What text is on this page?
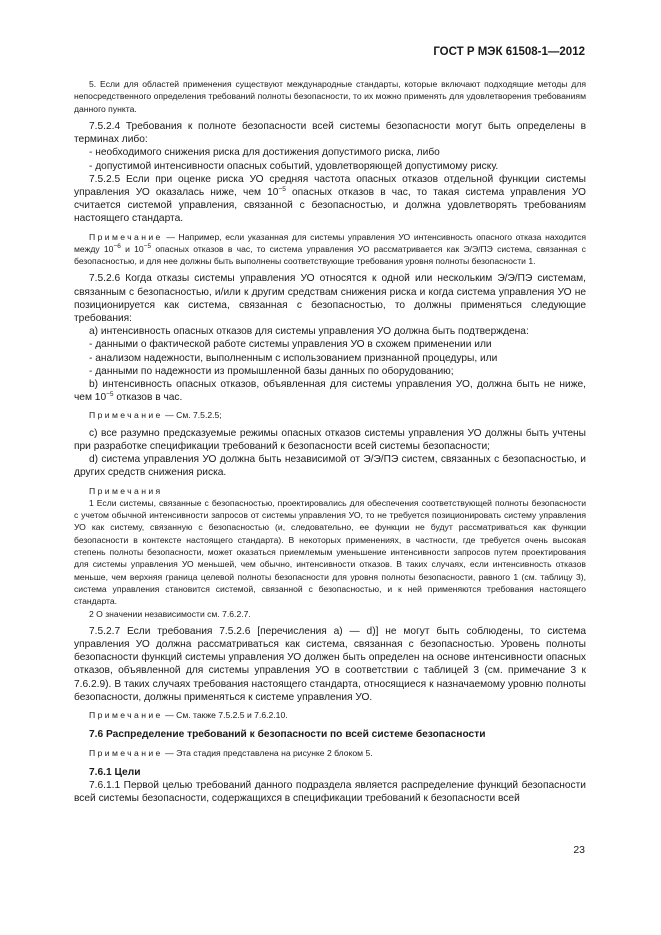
ГОСТ Р МЭК 61508-1—2012

5. Если для областей применения существуют международные стандарты, которые включают подходящие методы для непосредственного определения требований полноты безопасности, то их можно применять для удовлетворения требованиям данного пункта.

7.5.2.4 Требования к полноте безопасности всей системы безопасности могут быть определены в терминах либо:

- необходимого снижения риска для достижения допустимого риска, либо

- допустимой интенсивности опасных событий, удовлетворяющей допустимому риску.

7.5.2.5 Если при оценке риска УО средняя частота опасных отказов отдельной функции системы управления УО оказалась ниже, чем $10^{-5}$ опасных отказов в час, то такая система управления УО считается системой управления, связанной с безопасностью, и должна удовлетворять требованиям настоящего стандарта.

Примечание — Например, если указанная для системы управления УО интенсивность опасного отказа находится между $10^{-6}$ и $10^{-5}$ опасных отказов в час, то система управления УО рассматривается как Э/Э/ПЭ система, связанная с безопасностью, и для нее должны быть выполнены соответствующие требования уровня полноты безопасности 1.

7.5.2.6 Когда отказы системы управления УО относятся к одной или нескольким Э/Э/ПЭ системам, связанным с безопасностью, и/или к другим средствам снижения риска и когда система управления УО не позиционируется как система, связанная с безопасностью, то должны применяться следующие требования:

а) интенсивность опасных отказов для системы управления УО должна быть подтверждена:

- данными о фактической работе системы управления УО в схожем применении или

- анализом надежности, выполненным с использованием признанной процедуры, или

- данными по надежности из промышленной базы данных по оборудованию;

b) интенсивность опасных отказов, объявленная для системы управления УО, должна быть не ниже, чем $10^{-5}$ отказов в час.

Примечание — См. 7.5.2.5;

с) все разумно предсказуемые режимы опасных отказов системы управления УО должны быть учтены при разработке спецификации требований к безопасности всей системы безопасности;

d) система управления УО должна быть независимой от Э/Э/ПЭ систем, связанных с безопасностью, и других средств снижения риска.

Примечания

1 Если системы, связанные с безопасностью, проектировались для обеспечения соответствующей полноты безопасности с учетом обычной интенсивности запросов от системы управления УО, то не требуется позиционировать систему управления УО как систему, связанную с безопасностью (и, следовательно, ее функции не будут рассматриваться как функции безопасности в контексте настоящего стандарта). В некоторых применениях, в частности, где требуется очень высокая степень полноты безопасности, может оказаться приемлемым уменьшение интенсивности запросов путем проектирования для системы управления УО меньшей, чем обычно, интенсивности отказов. В таких случаях, если интенсивность отказов меньше, чем верхняя граница целевой полноты безопасности для уровня полноты безопасности, равного 1 (см. таблицу 3), система управления становится системой, связанной с безопасностью, и к ней применяются требования настоящего стандарта.

2 О значении независимости см. 7.6.2.7.

7.5.2.7 Если требования 7.5.2.6 [перечисления а) — d)] не могут быть соблюдены, то система управления УО должна рассматриваться как система, связанная с безопасностью. Уровень полноты безопасности функций системы управления УО должен быть определен на основе интенсивности опасных отказов, объявленной для системы управления УО в соответствии с таблицей 3 (см. примечание 3 к 7.6.2.9). В таких случаях требования настоящего стандарта, относящиеся к назначаемому уровню полноты безопасности, должны применяться к системе управления УО.

Примечание — См. также 7.5.2.5 и 7.6.2.10.

7.6 Распределение требований к безопасности по всей системе безопасности

Примечание — Эта стадия представлена на рисунке 2 блоком 5.

7.6.1 Цели

7.6.1.1 Первой целью требований данного подраздела является распределение функций безопасности всей системы безопасности, содержащихся в спецификации требований к безопасности всей

23
